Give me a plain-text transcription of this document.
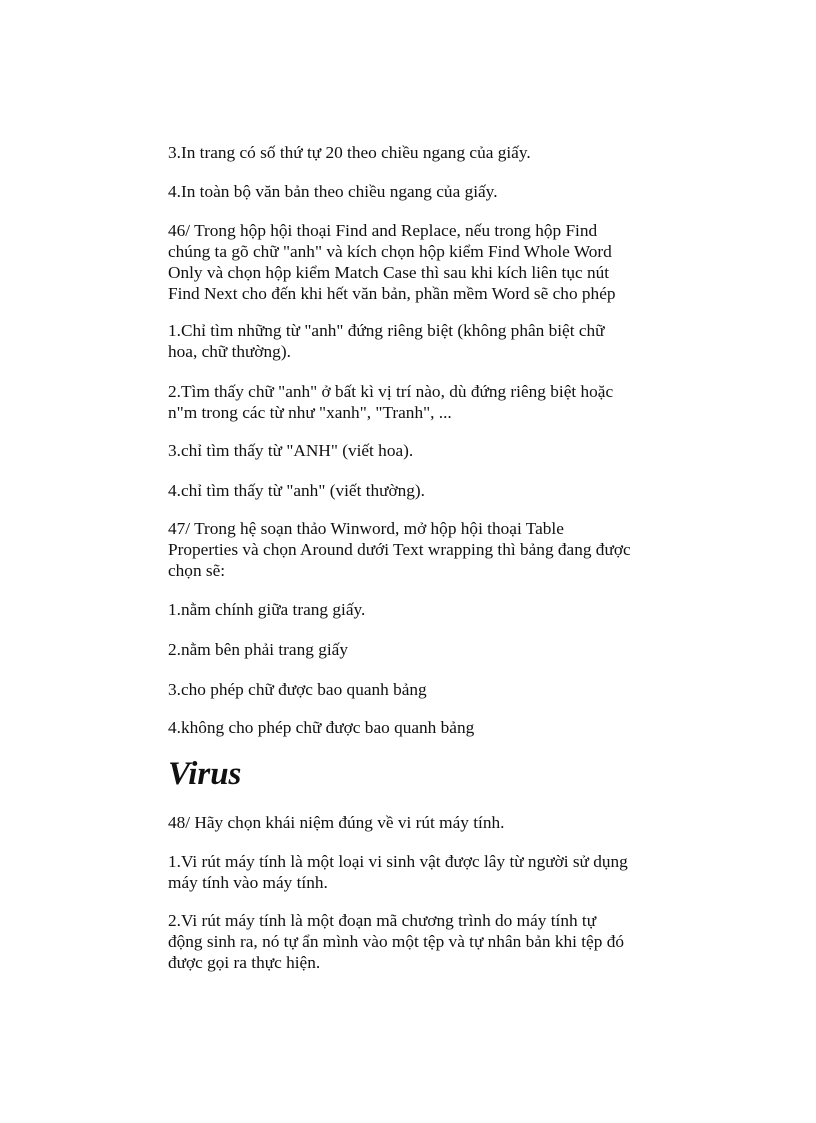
3.In trang có số thứ tự 20 theo chiều ngang của giấy.

4.In toàn bộ văn bản theo chiều ngang của giấy.

46/ Trong hộp hội thoại Find and Replace, nếu trong hộp Find
chúng ta gõ chữ "anh" và kích chọn hộp kiểm Find Whole Word
Only và chọn hộp kiểm Match Case thì sau khi kích liên tục nút
Find Next cho đến khi hết văn bản, phần mềm Word sẽ cho phép

1.Chỉ tìm những từ "anh" đứng riêng biệt (không phân biệt chữ
hoa, chữ thường).

2.Tìm thấy chữ "anh" ở bất kì vị trí nào, dù đứng riêng biệt hoặc
n"m trong các từ như "xanh", "Tranh", ...

3.chỉ tìm thấy từ "ANH" (viết hoa).

4.chỉ tìm thấy từ "anh" (viết thường).

47/ Trong hệ soạn thảo Winword, mở hộp hội thoại Table
Properties và chọn Around dưới Text wrapping thì bảng đang được
chọn sẽ:

1.nằm chính giữa trang giấy.

2.nằm bên phải trang giấy

3.cho phép chữ được bao quanh bảng

4.không cho phép chữ được bao quanh bảng

Virus

48/ Hãy chọn khái niệm đúng về vi rút máy tính.

1.Vi rút máy tính là một loại vi sinh vật được lây từ người sử dụng
máy tính vào máy tính.

2.Vi rút máy tính là một đoạn mã chương trình do máy tính tự
động sinh ra, nó tự ẩn mình vào một tệp và tự nhân bản khi tệp đó
được gọi ra thực hiện.
